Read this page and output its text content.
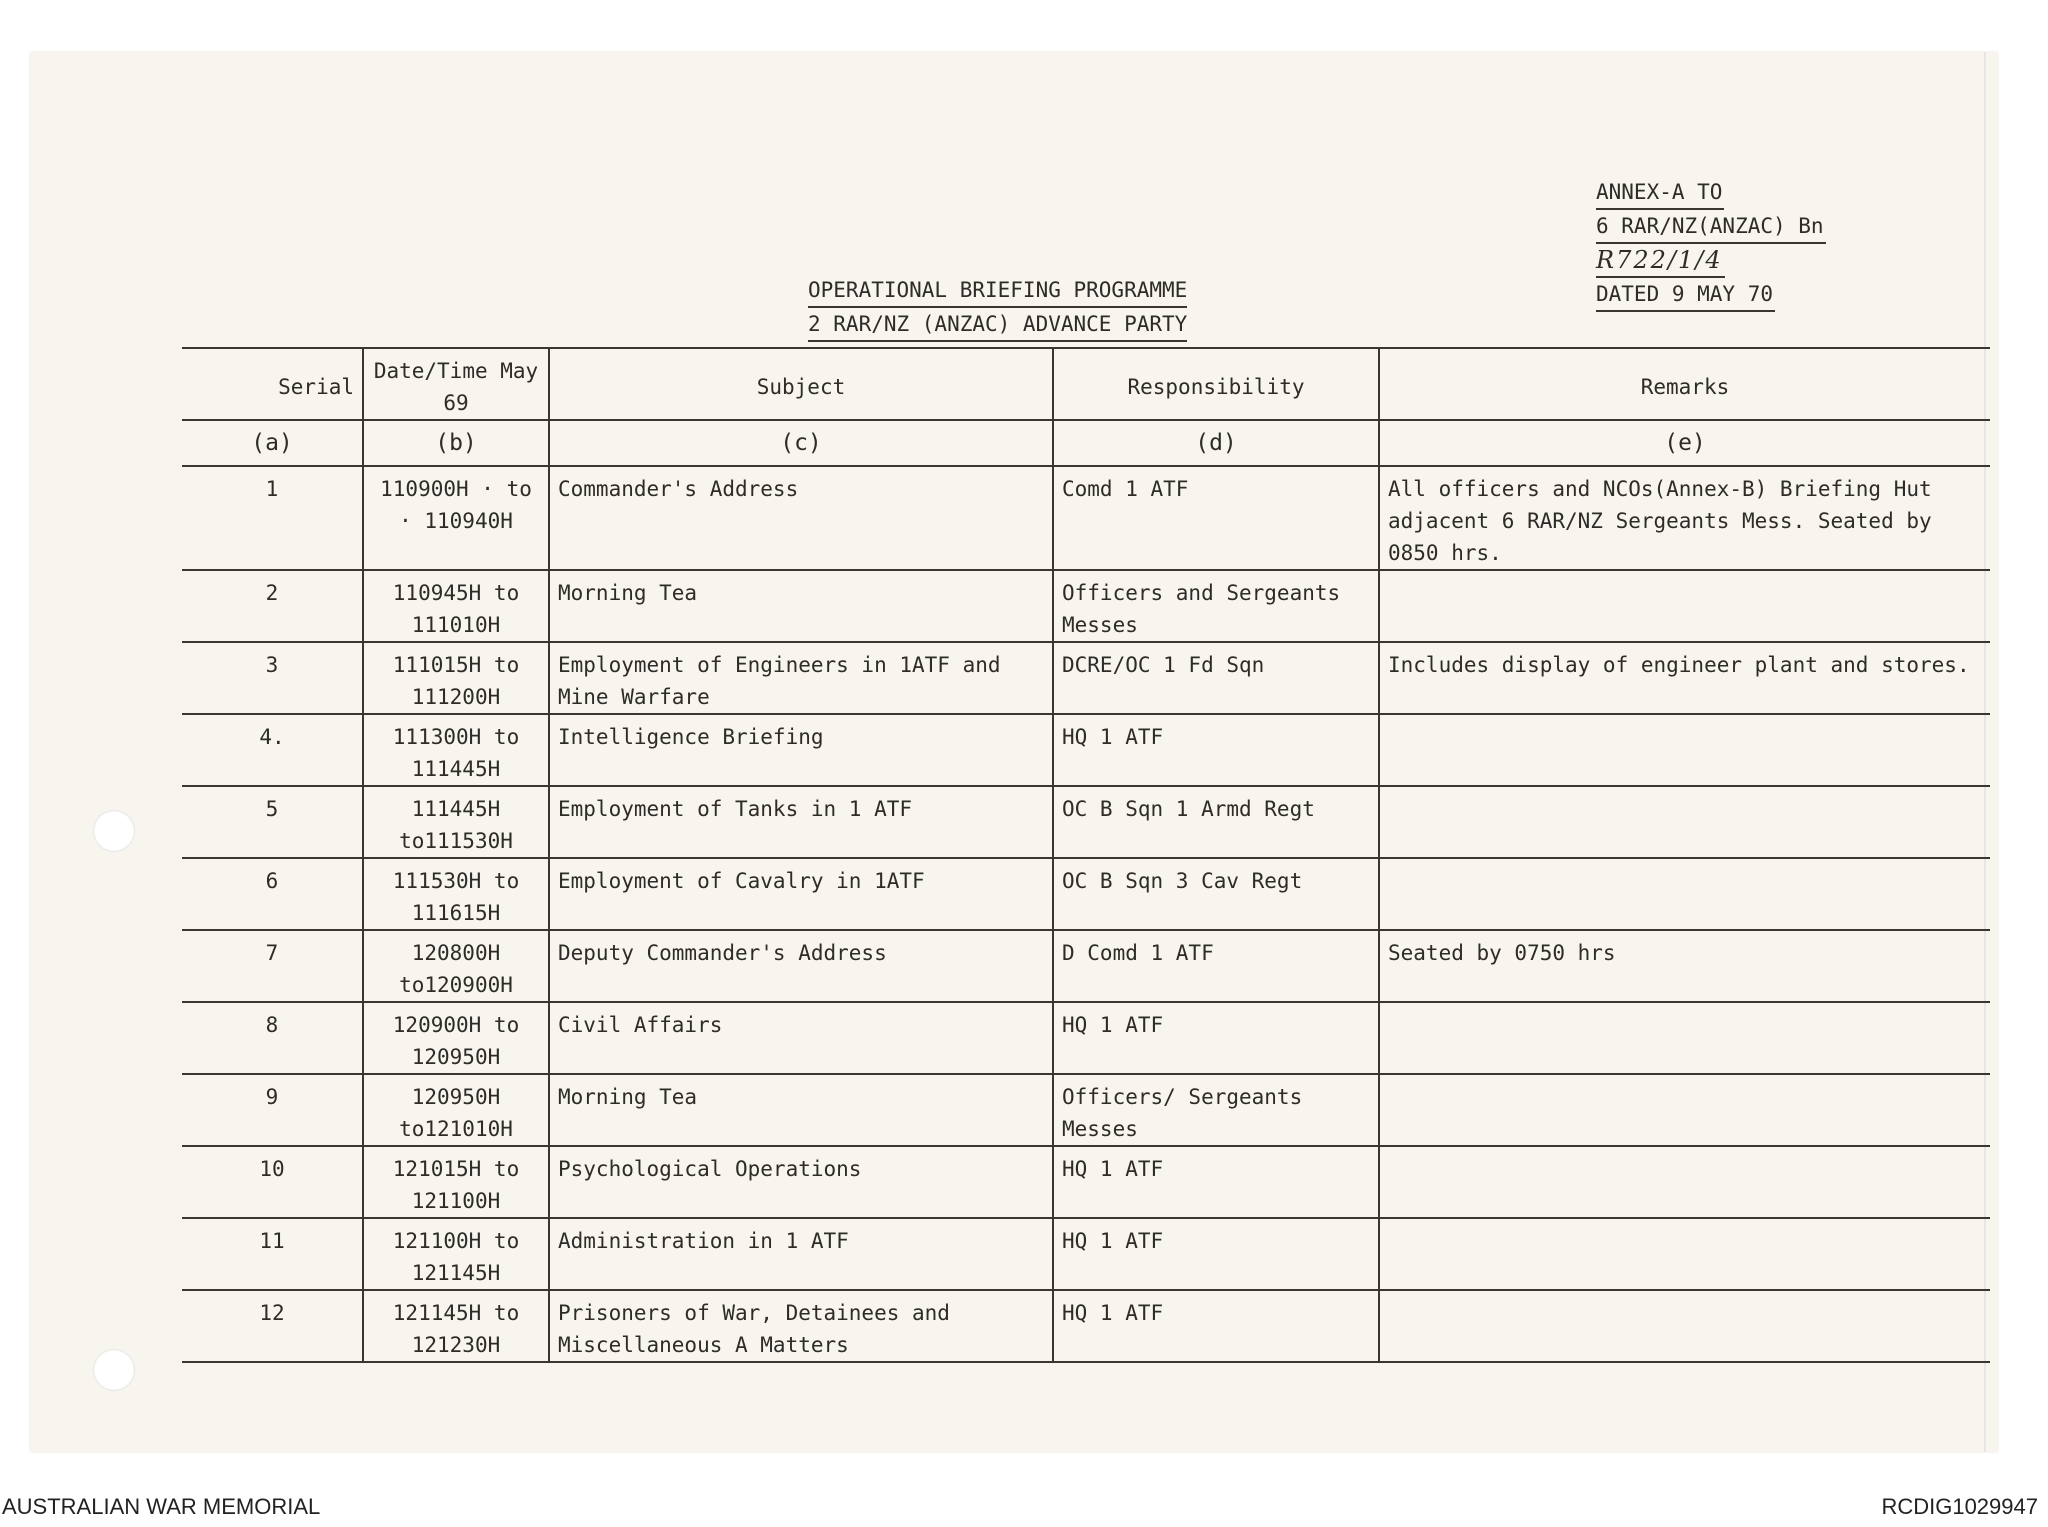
ANNEX-A TO
6 RAR/NZ(ANZAC) Bn
R722/1/4
DATED 9 MAY 70
OPERATIONAL BRIEFING PROGRAMME
2 RAR/NZ (ANZAC) ADVANCE PARTY
Serial	Date/Time May 69	Subject	Responsibility	Remarks
(a)	(b)	(c)	(d)	(e)
1	110900H · to · 110940H	Commander's Address	Comd 1 ATF	All officers and NCOs(Annex-B) Briefing Hut adjacent 6 RAR/NZ Sergeants Mess. Seated by 0850 hrs.
2	110945H to 111010H	Morning Tea	Officers and Sergeants Messes	
3	111015H to 111200H	Employment of Engineers in 1ATF and Mine Warfare	DCRE/OC 1 Fd Sqn	Includes display of engineer plant and stores.
4.	111300H to 111445H	Intelligence Briefing	HQ 1 ATF	
5	111445H to111530H	Employment of Tanks in 1 ATF	OC B Sqn 1 Armd Regt	
6	111530H to 111615H	Employment of Cavalry in 1ATF	OC B Sqn 3 Cav Regt	
7	120800H to120900H	Deputy Commander's Address	D Comd 1 ATF	Seated by 0750 hrs
8	120900H to 120950H	Civil Affairs	HQ 1 ATF	
9	120950H to121010H	Morning Tea	Officers/ Sergeants Messes	
10	121015H to 121100H	Psychological Operations	HQ 1 ATF	
11	121100H to 121145H	Administration in 1 ATF	HQ 1 ATF	
12	121145H to 121230H	Prisoners of War, Detainees and Miscellaneous A Matters	HQ 1 ATF	
AUSTRALIAN WAR MEMORIAL	RCDIG1029947
